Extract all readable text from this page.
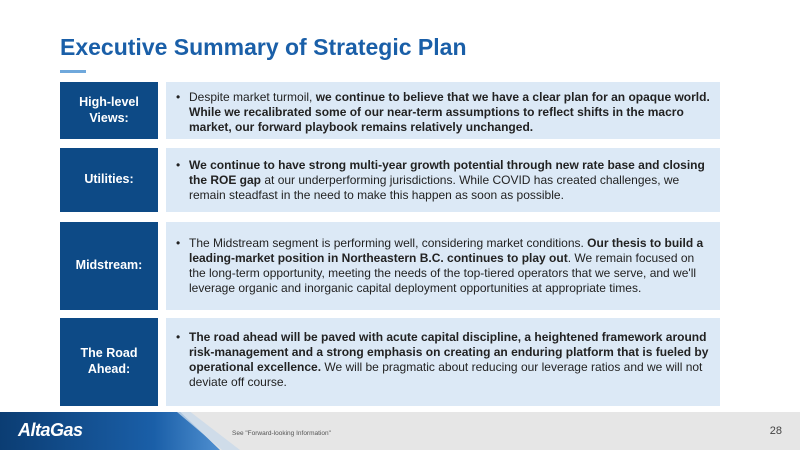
Executive Summary of Strategic Plan
High-level Views:
• Despite market turmoil, we continue to believe that we have a clear plan for an opaque world. While we recalibrated some of our near-term assumptions to reflect shifts in the macro market, our forward playbook remains relatively unchanged.
Utilities:
• We continue to have strong multi-year growth potential through new rate base and closing the ROE gap at our underperforming jurisdictions. While COVID has created challenges, we remain steadfast in the need to make this happen as soon as possible.
Midstream:
• The Midstream segment is performing well, considering market conditions. Our thesis to build a leading-market position in Northeastern B.C. continues to play out. We remain focused on the long-term opportunity, meeting the needs of the top-tiered operators that we serve, and we'll leverage organic and inorganic capital deployment opportunities at appropriate times.
The Road Ahead:
• The road ahead will be paved with acute capital discipline, a heightened framework around risk-management and a strong emphasis on creating an enduring platform that is fueled by operational excellence. We will be pragmatic about reducing our leverage ratios and we will not deviate off course.
AltaGas	See "Forward-looking Information"	28
